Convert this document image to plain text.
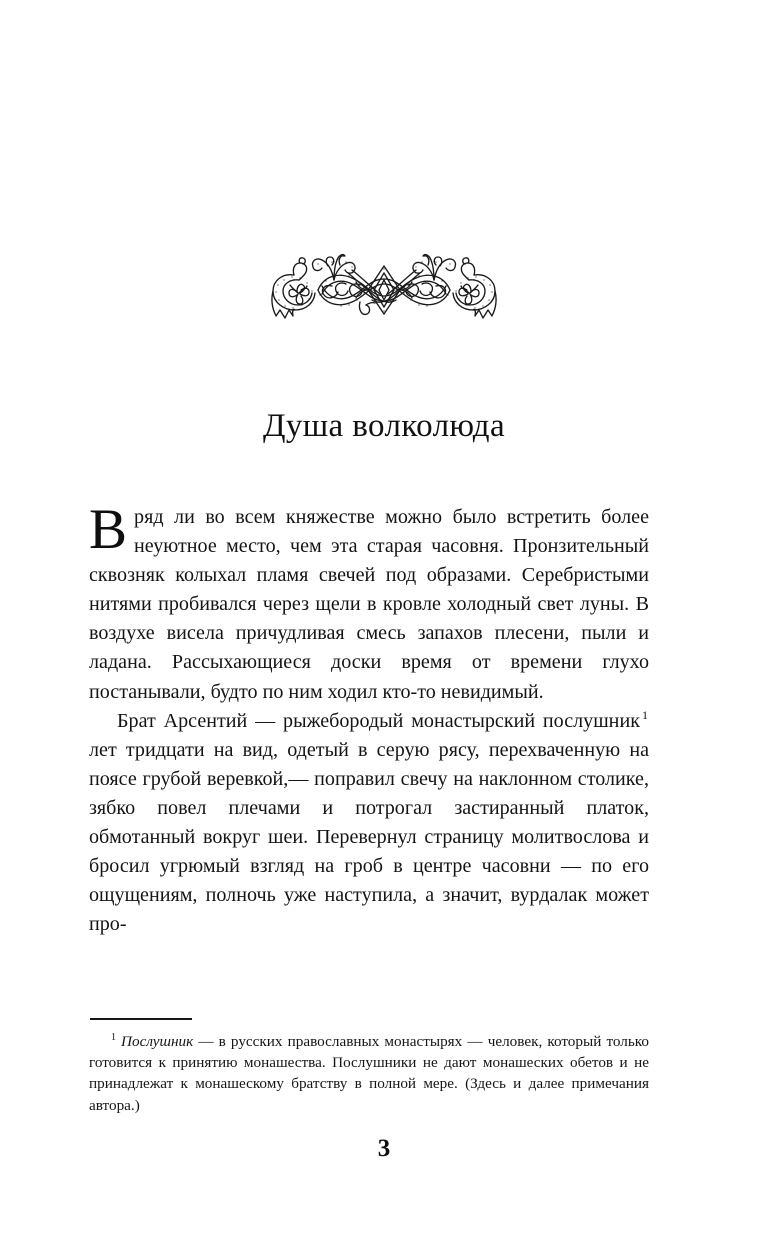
Душа волколюда

Вряд ли во всем княжестве можно было встретить более неуютное место, чем эта старая часовня. Пронзительный сквозняк колыхал пламя свечей под образами. Серебристыми нитями пробивался через щели в кровле холодный свет луны. В воздухе висела причудливая смесь запахов плесени, пыли и ладана. Рассыхающиеся доски время от времени глухо постанывали, будто по ним ходил кто-то невидимый.

Брат Арсентий — рыжебородый монастырский послушник $^1$ лет тридцати на вид, одетый в серую рясу, перехваченную на поясе грубой веревкой,— поправил свечу на наклонном столике, зябко повел плечами и потрогал застиранный платок, обмотанный вокруг шеи. Перевернул страницу молитвослова и бросил угрюмый взгляд на гроб в центре часовни — по его ощущениям, полночь уже наступила, а значит, вурдалак может про-

$^1$ Послушник — в русских православных монастырях — человек, который только готовится к принятию монашества. Послушники не дают монашеских обетов и не принадлежат к монашескому братству в полной мере. (Здесь и далее примечания автора.)

3
